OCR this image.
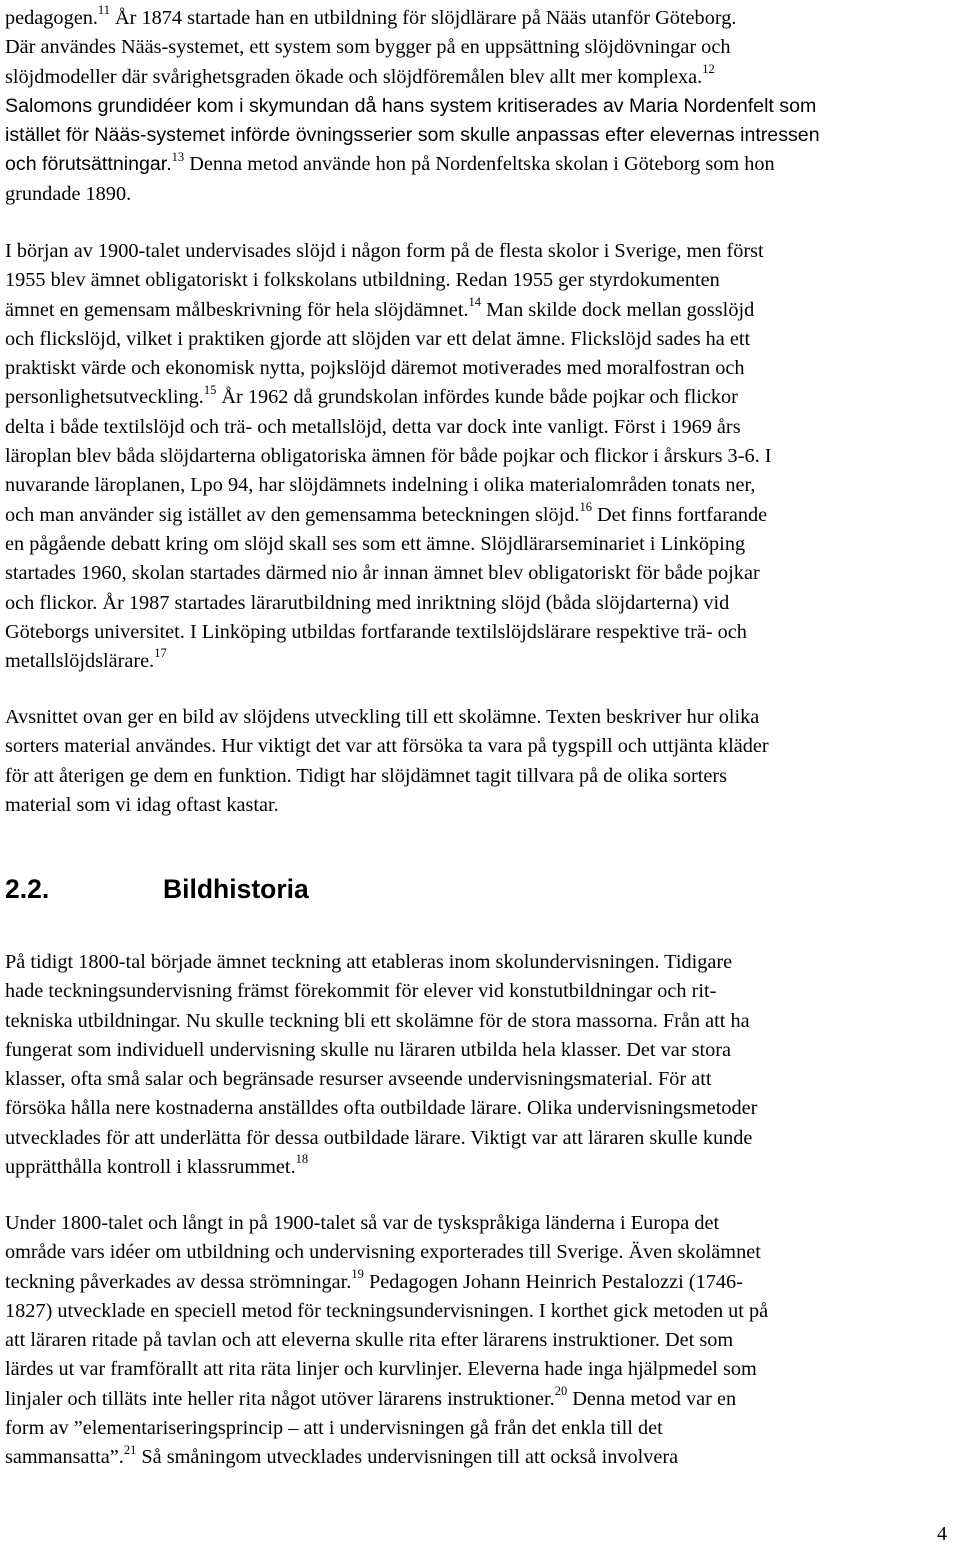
pedagogen.$^{11}$ År 1874 startade han en utbildning för slöjdlärare på Nääs utanför Göteborg.
Där användes Nääs-systemet, ett system som bygger på en uppsättning slöjdövningar och
slöjdmodeller där svårighetsgraden ökade och slöjdföremålen blev allt mer komplexa.$^{12}$
Salomons grundidéer kom i skymundan då hans system kritiserades av Maria Nordenfelt som
istället för Nääs-systemet införde övningsserier som skulle anpassas efter elevernas intressen
och förutsättningar.$^{13}$ Denna metod använde hon på Nordenfeltska skolan i Göteborg som hon
grundade 1890.
I början av 1900-talet undervisades slöjd i någon form på de flesta skolor i Sverige, men först
1955 blev ämnet obligatoriskt i folkskolans utbildning. Redan 1955 ger styrdokumenten
ämnet en gemensam målbeskrivning för hela slöjdämnet.$^{14}$ Man skilde dock mellan gosslöjd
och flickslöjd, vilket i praktiken gjorde att slöjden var ett delat ämne. Flickslöjd sades ha ett
praktiskt värde och ekonomisk nytta, pojkslöjd däremot motiverades med moralfostran och
personlighetsutveckling.$^{15}$ År 1962 då grundskolan infördes kunde både pojkar och flickor
delta i både textilslöjd och trä- och metallslöjd, detta var dock inte vanligt. Först i 1969 års
läroplan blev båda slöjdarterna obligatoriska ämnen för både pojkar och flickor i årskurs 3-6. I
nuvarande läroplanen, Lpo 94, har slöjdämnets indelning i olika materialområden tonats ner,
och man använder sig istället av den gemensamma beteckningen slöjd.$^{16}$ Det finns fortfarande
en pågående debatt kring om slöjd skall ses som ett ämne. Slöjdlärarseminariet i Linköping
startades 1960, skolan startades därmed nio år innan ämnet blev obligatoriskt för både pojkar
och flickor. År 1987 startades lärarutbildning med inriktning slöjd (båda slöjdarterna) vid
Göteborgs universitet. I Linköping utbildas fortfarande textilslöjdslärare respektive trä- och
metallslöjdslärare.$^{17}$
Avsnittet ovan ger en bild av slöjdens utveckling till ett skolämne. Texten beskriver hur olika
sorters material användes. Hur viktigt det var att försöka ta vara på tygspill och uttjänta kläder
för att återigen ge dem en funktion. Tidigt har slöjdämnet tagit tillvara på de olika sorters
material som vi idag oftast kastar.
2.2.	Bildhistoria
På tidigt 1800-tal började ämnet teckning att etableras inom skolundervisningen. Tidigare
hade teckningsundervisning främst förekommit för elever vid konstutbildningar och rit-
tekniska utbildningar. Nu skulle teckning bli ett skolämne för de stora massorna. Från att ha
fungerat som individuell undervisning skulle nu läraren utbilda hela klasser. Det var stora
klasser, ofta små salar och begränsade resurser avseende undervisningsmaterial. För att
försöka hålla nere kostnaderna anställdes ofta outbildade lärare. Olika undervisningsmetoder
utvecklades för att underlätta för dessa outbildade lärare. Viktigt var att läraren skulle kunde
upprätthålla kontroll i klassrummet.$^{18}$
Under 1800-talet och långt in på 1900-talet så var de tyskspråkiga länderna i Europa det
område vars idéer om utbildning och undervisning exporterades till Sverige. Även skolämnet
teckning påverkades av dessa strömningar.$^{19}$ Pedagogen Johann Heinrich Pestalozzi (1746-
1827) utvecklade en speciell metod för teckningsundervisningen. I korthet gick metoden ut på
att läraren ritade på tavlan och att eleverna skulle rita efter lärarens instruktioner. Det som
lärdes ut var framförallt att rita räta linjer och kurvlinjer. Eleverna hade inga hjälpmedel som
linjaler och tilläts inte heller rita något utöver lärarens instruktioner.$^{20}$ Denna metod var en
form av ”elementariseringsprincip – att i undervisningen gå från det enkla till det
sammansatta”.$^{21}$ Så småningom utvecklades undervisningen till att också involvera
4
